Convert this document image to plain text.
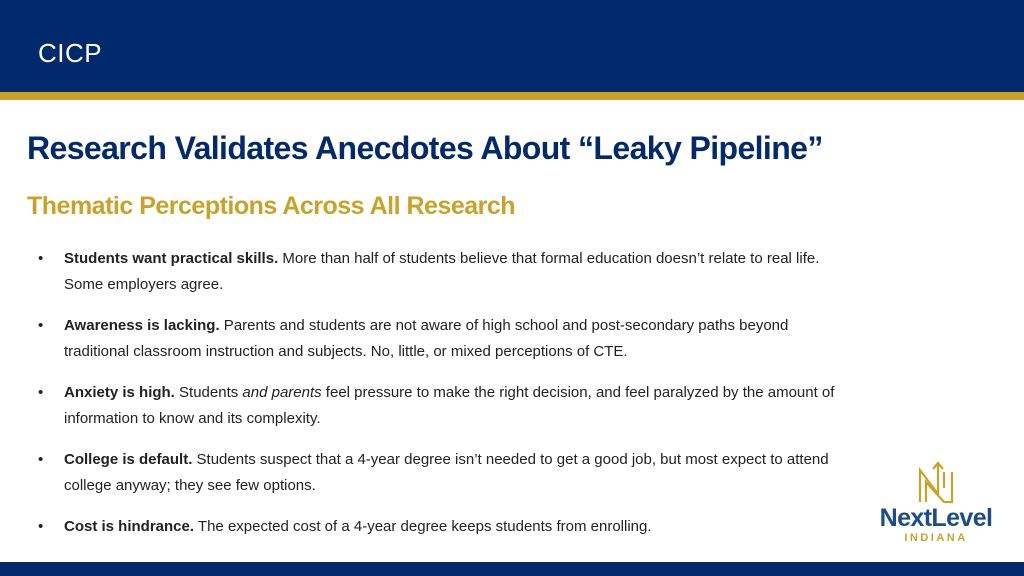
CICP
Research Validates Anecdotes About “Leaky Pipeline”
Thematic Perceptions Across All Research
• Students want practical skills. More than half of students believe that formal education doesn’t relate to real life. Some employers agree.
• Awareness is lacking. Parents and students are not aware of high school and post-secondary paths beyond traditional classroom instruction and subjects. No, little, or mixed perceptions of CTE.
• Anxiety is high. Students and parents feel pressure to make the right decision, and feel paralyzed by the amount of information to know and its complexity.
• College is default. Students suspect that a 4-year degree isn’t needed to get a good job, but most expect to attend college anyway; they see few options.
• Cost is hindrance. The expected cost of a 4-year degree keeps students from enrolling.	NextLevel
INDIANA
